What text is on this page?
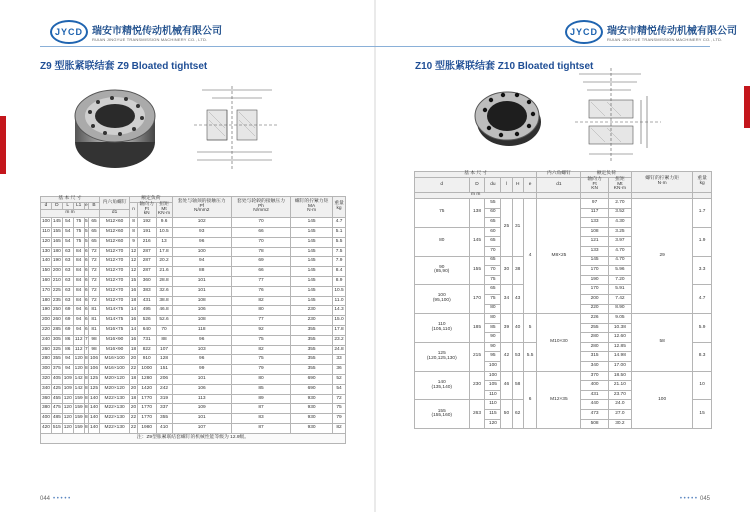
JYCD 瑞安市精悦传动机械有限公司
RUIAN JINGYUE TRANSMISSION MACHINERY CO., LTD.
Z9 型胀紧联结套 Z9 Bloated tightset
基 本 尺 寸						内六角螺钉	额定负荷			套处与轴颈的接触压力
Pf
N/mm2	套处与轮毂的接触压力
Ph
N/mm2	螺钉的拧紧力矩
MA
N·m	重量
kg
d	D	L	L1	e	B		n	轴向力
Ft
kN	扭矩
Mt
KN·m				
m m						d1							
100	145	54	75	5	65	M12×60	8	192	9.6	102	70	145	4.7
110	155	54	75	5	65	M12×60	8	191	10.5	93	66	145	5.1
120	165	54	75	5	65	M12×60	9	216	13	96	70	145	5.5
130	180	63	84	6	72	M12×70	12	287	17.8	100	78	145	7.5
140	190	63	84	6	72	M12×70	12	287	20.2	94	69	145	7.9
150	200	63	84	6	72	M12×70	12	287	21.6	88	66	145	8.4
160	210	63	84	6	72	M12×70	15	360	28.8	101	77	145	8.9
170	225	63	84	6	72	M12×70	16	383	32.6	101	76	145	10.5
180	235	63	84	6	72	M12×70	18	431	38.8	108	82	145	11.0
190	250	69	94	6	81	M14×75	14	495	46.8	106	80	230	14.3
200	260	69	94	6	81	M14×75	16	526	52.6	108	77	230	15.0
220	285	69	94	6	81	M16×75	14	640	70	118	92	355	17.8
240	305	86	112	7	98	M16×90	16	731	88	96	75	355	23.2
260	325	86	112	7	98	M16×90	18	822	107	103	82	355	24.8
280	355	94	120	8	106	M16×100	20	910	128	96	75	355	33
300	375	94	120	8	106	M16×100	22	1000	151	99	79	355	36
320	405	109	142	8	125	M20×120	18	1280	206	101	80	690	52
340	425	109	142	8	125	M20×120	20	1420	242	106	85	690	54
360	455	120	159	8	140	M22×130	18	1770	319	113	89	930	72
380	475	120	159	8	140	M22×130	20	1770	337	109	87	930	75
400	485	120	159	8	140	M22×130	22	1770	355	101	83	930	79
420	515	120	159	8	140	M22×130	22	1980	410	107	87	930	82
注：Z9型胀紧联结套螺钉的机械性能等级为 12.9级。													
044 • • • • •
JYCD 瑞安市精悦传动机械有限公司
RUIAN JINGYUE TRANSMISSION MACHINERY CO., LTD.
Z10 型胀紧联结套 Z10 Bloated tightset
基 本 尺 寸						内六角螺钉	额定负荷		螺钉的拧紧力矩
N·m	重量
kg
d	D	du	l	H	e	d1	轴向力
Ft
KN	扭矩
Mt
KN·m		
m m										
75	138	55	25	31	4	M8×25	97	2.70	29	1.7
		60					117	3.52		
		65					133	4.30		
80	145	60					108	3.25		1.9
		65					121	3.97		
		70					133	4.70		
90
(85,90)	155	65	30	38			145	4.70		3.3
		70					170	5.96		
		75					190	7.20		
100
(95,100)	170	65	34	43			170	5.91		4.7
		75					200	7.42		
		80					220	8.90		
110
(105,110)	185	80	39	40	5	M10×30	226	9.05	58	5.9
		85					255	10.38		
		90					280	12.60		
125
(120,125,130)	215	90	42	53	5.5		280	12.85		8.3
		95					315	14.98		
		100					340	17.00		
140
(135,140)	230	100	46	58	6	M12×35	370	18.50	100	10
		105					400	21.10		
		110					431	23.70		
155
(155,160)	263	110	50	62			440	24.0		15
		115					473	27.0		
		120					508	30.2		
• • • • • 045
